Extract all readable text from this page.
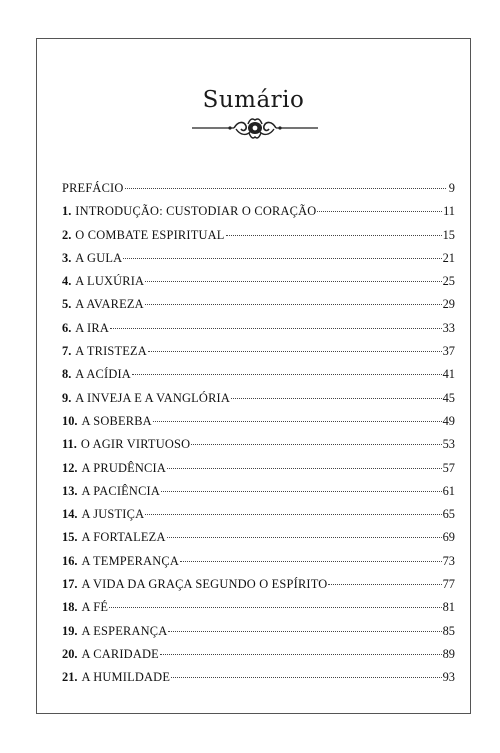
Sumário
PREFÁCIO	9
1. INTRODUÇÃO: CUSTODIAR O CORAÇÃO	11
2. O COMBATE ESPIRITUAL	15
3. A GULA	21
4. A LUXÚRIA	25
5. A AVAREZA	29
6. A IRA	33
7. A TRISTEZA	37
8. A ACÍDIA	41
9. A INVEJA E A VANGLÓRIA	45
10. A SOBERBA	49
11. O AGIR VIRTUOSO	53
12. A PRUDÊNCIA	57
13. A PACIÊNCIA	61
14. A JUSTIÇA	65
15. A FORTALEZA	69
16. A TEMPERANÇA	73
17. A VIDA DA GRAÇA SEGUNDO O ESPÍRITO	77
18. A FÉ	81
19. A ESPERANÇA	85
20. A CARIDADE	89
21. A HUMILDADE	93
